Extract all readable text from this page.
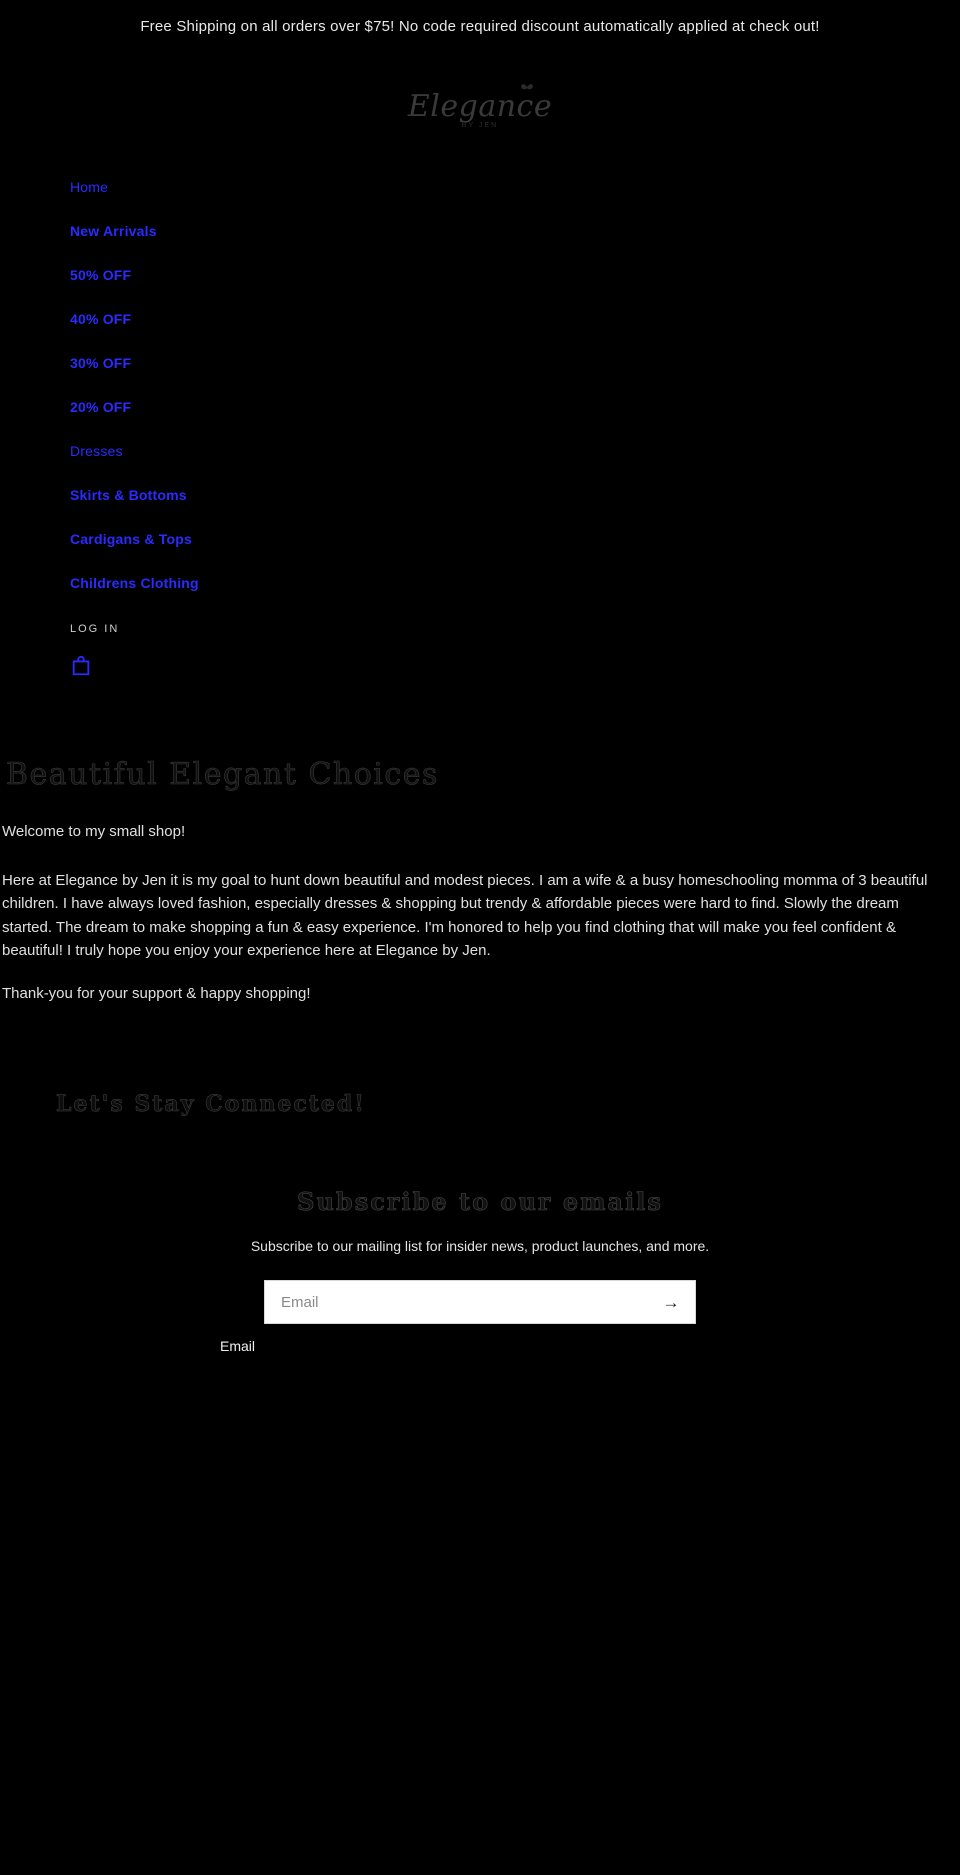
Free Shipping on all orders over $75! No code required discount automatically applied at check out!
Elegance
BY JEN
Home
New Arrivals
50% OFF
40% OFF
30% OFF
20% OFF
Dresses
Skirts & Bottoms
Cardigans & Tops
Childrens Clothing
LOG IN
Beautiful Elegant Choices

Welcome to my small shop!

Here at Elegance by Jen it is my goal to hunt down beautiful and modest pieces. I am a wife & a busy homeschooling momma of 3 beautiful children. I have always loved fashion, especially dresses & shopping but trendy & affordable pieces were hard to find. Slowly the dream started. The dream to make shopping a fun & easy experience. I'm honored to help you find clothing that will make you feel confident & beautiful! I truly hope you enjoy your experience here at Elegance by Jen.

Thank-you for your support & happy shopping!

Let's Stay Connected!
Subscribe to our emails

Subscribe to our mailing list for insider news, product launches, and more.

Email
→
Email
